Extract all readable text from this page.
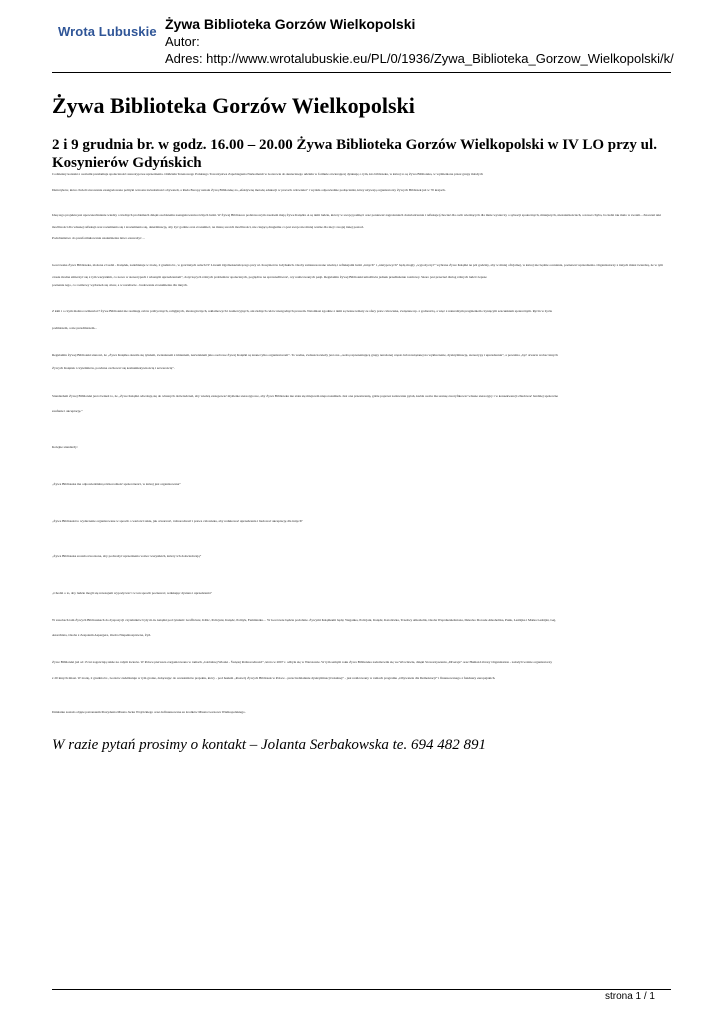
Wrota Lubuskie Żywa Biblioteka Gorzów Wielkopolski
Autor:
Adres: http://www.wrotalubuskie.eu/PL/0/1936/Zywa_Biblioteka_Gorzow_Wielkopolski/k/
Żywa Biblioteka Gorzów Wielkopolski
2 i 9 grudnia br. w godz. 16.00 – 20.00 Żywa Biblioteka Gorzów Wielkopolski w IV LO przy ul. Kosynierów Gdyńskich
Codzienny kontakt z osobami przełamuje społeczności stereotypowe uprzedzenia. Oddziału Terenowego Polskiego Towarzystwa Zapobiegania Narkomanii w Gorzowie do skutecznego udziału w formule otwierającej dyskusję o tym, kto biblioteka, w której to są Żywa Biblioteka, w wymienione przez grupy młodych
Duńczyków, które chcieli stworzenie zaangażowana polityki wzrostu świadomości obywateli, a Rada Europy uznała Żywą Bibliotekę za „efektywną metodę edukacji w pracach człowieka” i wydała odpowiednie podręczniki, który używają organizatorzy Żywych Bibliotek już w 70 krajach.
Ideą tego projektu jest upowszechnianie wiedzy o trudnych problemach dzięki osobistemu zaangażowaniu różnych ludzi. W Żywej Bibliotece podstawowym zasobem mają Żywe Książki. A są nimi ludzie, którzy w swojej pamięci oraz ponieważ zagrożeniach doświadczenia i refleksje (chociaż dla osób wiedzących dla mnie wystarczy o sytuacji społecznych, mniejszych, niezależnościach, a nawet chyba, bo ludzi tak mało w swoim... Znaczeń taki możliwości dla własnej refleksji oraz rozumienia się i zrozumienia się, determinacją, aby żyć godnie oraz zrozumieć, na miarę swoich możliwości, nie czującą drugiemu co jest swoje nie mniej ważne dla niej i swojej innej postaci.
Podobieństwo do przeformułowania uzależnienia łatwo zauważyć…
Gorzowska Żywa Biblioteka, złożona z Ludzi - Książek, zadebiutuje w środę, 2 grudnia br., w gościnnych salach IV Liceum Ogólnokształcącego przy ul. Kosynierów Gdyńskich. Osoby zainteresowane wiedzą i refleksjami ludzi „innych” i „nietypowych” będą mogły „wypożyczyć” wybrane Żywe Książki na pół godziny, aby w mniej oficjalnej, w której nie będzie oceniania, poznawać uprzedzenia. Organizatorzy z innych miast twierdzą, że w tym czasie można zmierzyć się z tym wszystkim, co nowe w stereotypach i własnym uprzedzeniom”, dotyczących różnych problemów społecznych, poglądów na sprawiedliwość, czy realizowanych pasji. Regulamin Żywej Biblioteki umożliwia jednak przedłużenie rozmowy. Skoro jest przecież dialog różnych ludzi i lepsze
poznanie tego, co rozmowy wydarzeń się obaw, a w rezultacie - budowanie zrozumienia dla innych.
Z kim i o czym można rozmawiać? Żywe Biblioteki nie realizują celów politycznych, religijnych, ideologicznych, reklamowych i komercyjnych, ani żadnych celów niezgodnych prawem. Natomiast zgodnie z nimi są bezne tematy ze sfery praw człowieka, związane np. z godnością, a więc z naturalnym pragnieniem czyniącym szacunkiem społecznym. Rycin w życiu
podmiotem, a nie przedmiotem...
Regulamin Żywej Biblioteki stanowi, że „Żywa Książka określa się tytułem, zwiastunem z imieniem, nazwiskiem jako osobowe Żywej Książki są znane tylko organizatorom”. To ważne, zwłaszcza kiedy jest ona „osobą reprezentującą grupy narażonej często lub nawiązanej na wykluczenie, dyskryminację, stereotypy i uprzedzenia”, a poważna „być otwarta wobec innych
Żywych Książek i czytelników, powinna cechować się komunikatywnością i szczerością”.
Standardem Żywej Biblioteki jest również to, że „Żywe Książki odwołują się do własnych doświadczeń, aby wiedzą zastępować myślenie stereotypowe, aby Żywa Biblioteka nie stała się miejscem nieporozumień. Jest ona przestrzenią, gdzie poprzez zadawanie pytań, każda osoba ma szansę zweryfikować własne stereotypy i w konsekwencji zbudować bardziej społeczne
zaufanie i akceptację.”
Kolejne standardy:
„Żywa Biblioteka ma odpowiedzialną różnorodność społeczności, w której jest organizowana”
„Żywe Biblioteki to wydarzenie organizowane w sposób o wartości takie, jak otwartość, różnorodność i prawa człowieka, aby redukować uprzedzenia i budować akceptację dla innych”
„Żywa Biblioteka została stworzona, aby podważyć uprzedzenia wobec wszystkich, którzy ich doświadczają”
„Chodzi o to, aby ludzie mogli się nawzajem wypożyczać i w ten sposób poznawać, redukując dystans i uprzedzenia”
W zasobach tam Żywych Bibliotekach do dyspozycji czytelników były m.in. książki pod tytułem: Grafficiarz, Kibic, Policjant, Ksiądz, Polityk, Feministka… W Gorzowie będzie podobnie. Żywymi Książkami będą: Weganka, Policjant, Ksiądz, Katoliczka, Trzeźwy Alkoholik, Osoba Współuzależniona, Dziecko Dorosłe Alkoholika, Punk, Lesbijka i Matka Lesbijki, Gej,
Anarchista, Osoba z Zespołem Aspergera, Osoba Niepełnosprawna, Żyd.
Żywe Biblioteki już od 15 lat zagościają także na całym świecie. W Polsce pierwsza zorganizowana w ramach „Globalnej Wioski - Świętej Różnorodności”, która w 2007 r. odbyła się w Warszawie. W tym samym roku Żywa Biblioteka zadomowiła się we Wrocławiu, dzięki Stowarzyszeniu „Diversja” oraz Human Library Organization - założyli wolnie organizatorzy
z 20 innych miast. W środę, 2 grudnia br., Gorzów zadebiutuje w tym gronie, dołączając do uczestników projektu, który - pod hasłem „Rozwój Żywych Bibliotek w Polsce - przeciwdziałanie dyskryminacji lokalnej” - jest realizowany w ramach programu „Obywatele dla Demokracji” i finansowanego z funduszy europejskich.
Działanie zostało objęte patronatem Prezydenta Miasta Jacka Wójcickiego oraz dofinansowane ze środków Miasta Gorzowa Wielkopolskiego.
W razie pytań prosimy o kontakt – Jolanta Serbakowska te. 694 482 891
strona 1 / 1
